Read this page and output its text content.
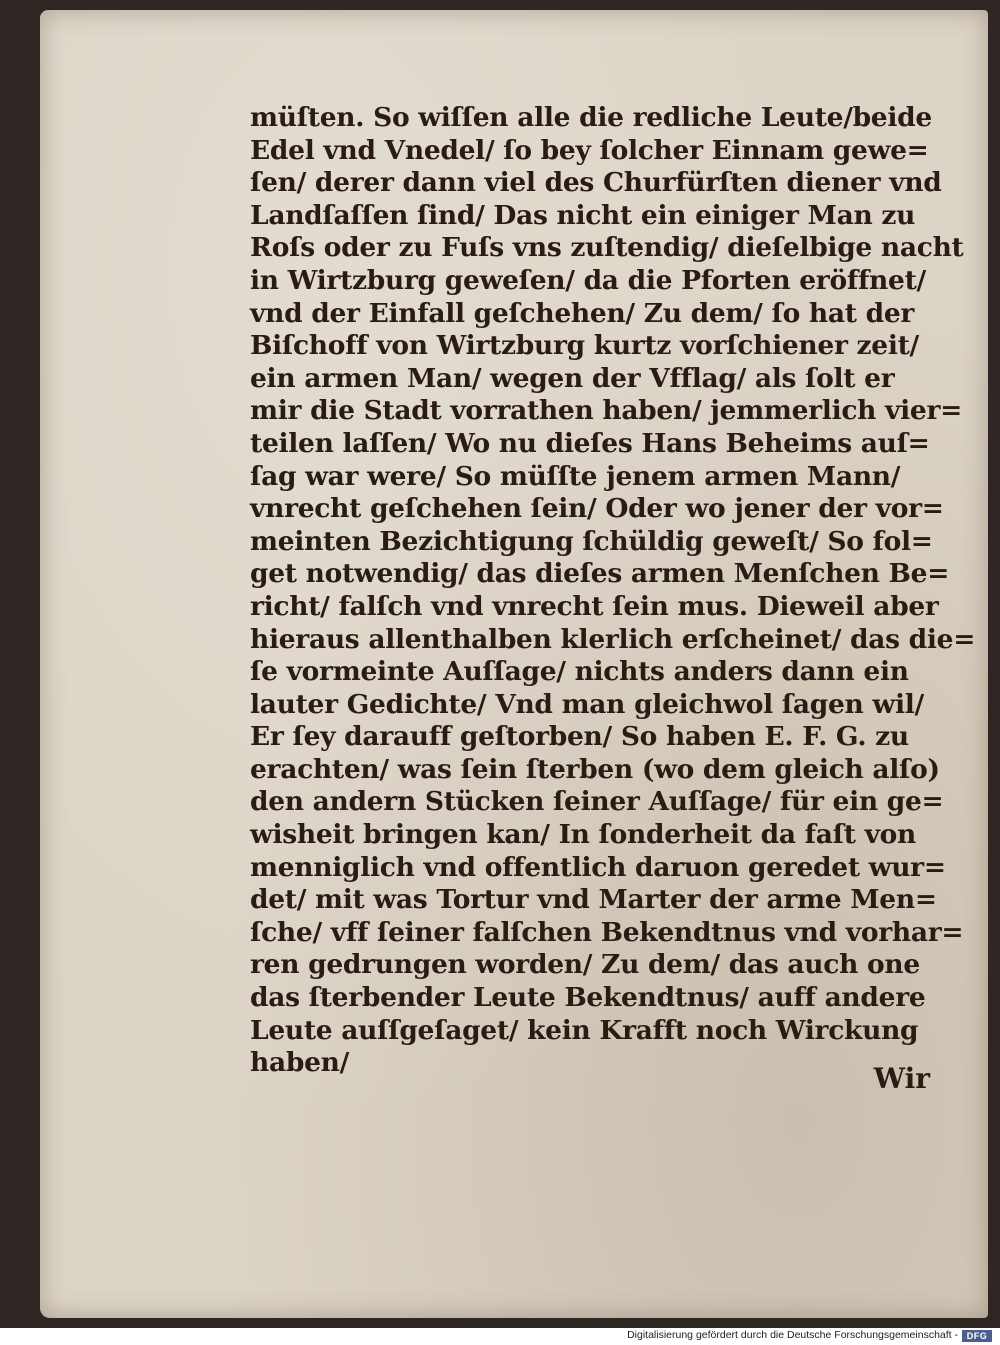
müſten. So wiſſen alle die redliche Leute/beide
Edel vnd Vnedel/ ſo bey ſolcher Einnam gewe=
ſen/ derer dann viel des Churfürſten diener vnd
Landſaſſen ſind/ Das nicht ein einiger Man zu
Roſs oder zu Fuſs vns zuſtendig/ dieſelbige nacht
in Wirtzburg geweſen/ da die Pforten eröffnet/
vnd der Einfall geſchehen/ Zu dem/ ſo hat der
Biſchoff von Wirtzburg kurtz vorſchiener zeit/
ein armen Man/ wegen der Vfflag/ als ſolt er
mir die Stadt vorrathen haben/ jemmerlich vier=
teilen laſſen/ Wo nu dieſes Hans Beheims auſ=
ſag war were/ So müſſte jenem armen Mann/
vnrecht geſchehen ſein/ Oder wo jener der vor=
meinten Bezichtigung ſchüldig geweſt/ So fol=
get notwendig/ das dieſes armen Menſchen Be=
richt/ falſch vnd vnrecht ſein mus. Dieweil aber
hieraus allenthalben klerlich erſcheinet/ das die=
ſe vormeinte Auſſage/ nichts anders dann ein
lauter Gedichte/ Vnd man gleichwol ſagen wil/
Er ſey darauff geſtorben/ So haben E. F. G. zu
erachten/ was ſein ſterben (wo dem gleich alſo)
den andern Stücken ſeiner Auſſage/ für ein ge=
wisheit bringen kan/ In ſonderheit da faſt von
menniglich vnd offentlich daruon geredet wur=
det/ mit was Tortur vnd Marter der arme Men=
ſche/ vff ſeiner falſchen Bekendtnus vnd vorhar=
ren gedrungen worden/ Zu dem/ das auch one
das ſterbender Leute Bekendtnus/ auff andere
Leute auſſgeſaget/ kein Krafft noch Wirckung
haben/	Wir

Digitalisierung gefördert durch die Deutsche Forschungsgemeinschaft - DFG
